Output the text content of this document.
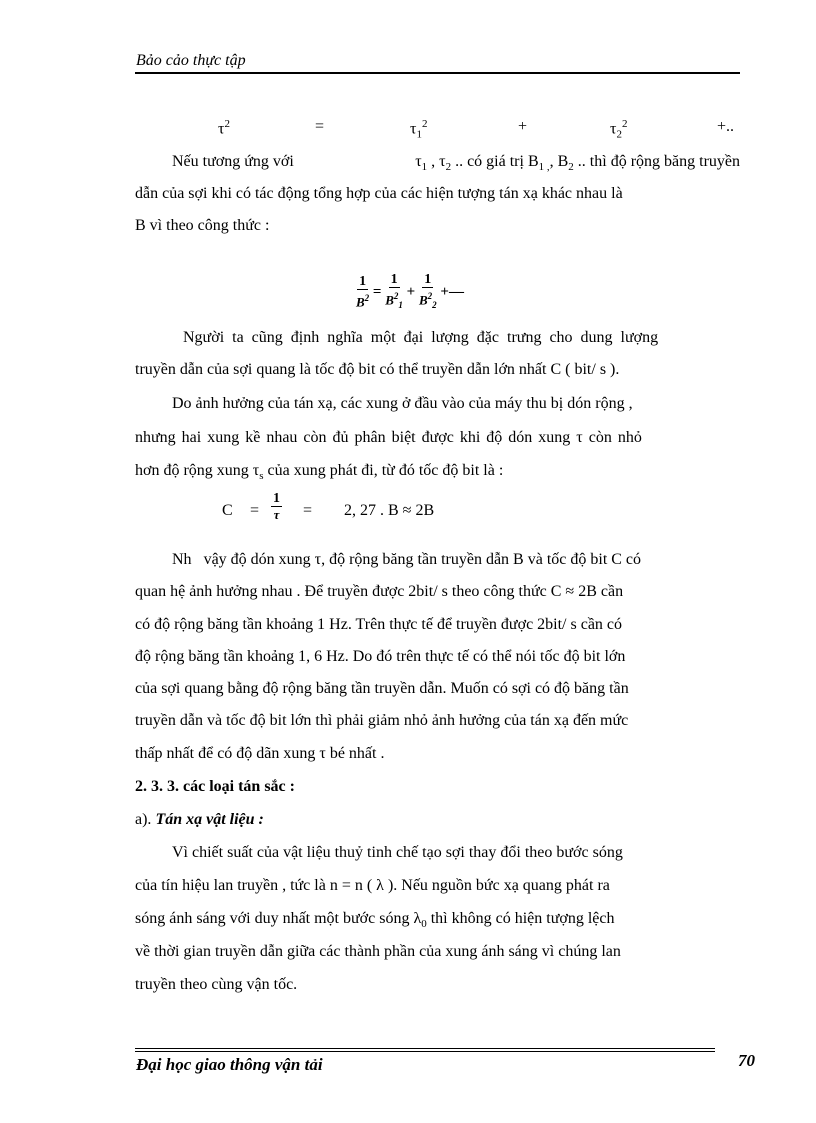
Bảo cảo thực tập
$\tau^2$	=	$\tau_1^2$	+	$\tau_2^2$	+..
Nếu tương ứng với	$\tau_1$ , $\tau_2$ .. có giá trị $B_{1 ,}$, $B_2$ .. thì độ rộng băng truyền
dẫn của sợi khi có tác động tổng hợp của các hiện tượng tán xạ khác nhau là
B vì theo công thức :
$\frac{1}{B^2} = \frac{1}{B^2_1} + \frac{1}{B^2_2}$ +—
Người ta cũng định nghĩa một đại lượng đặc trưng cho dung lượng
truyền dẫn của sợi quang là tốc độ bit có thể truyền dẫn lớn nhất C ( bit/ s ).
Do ảnh hưởng của tán xạ, các xung ở đầu vào của máy thu bị dón rộng ,
nhưng hai xung kề nhau còn đủ phân biệt được khi độ dón xung τ còn nhỏ
hơn độ rộng xung $\tau_s$ của xung phát đi, từ đó tốc độ bit là :
$C = \frac{1}{\tau} = 2$, 27 . B ≈ 2B
Nh vậy độ dón xung τ, độ rộng băng tần truyền dẫn B và tốc độ bit C có
quan hệ ảnh hưởng nhau . Để truyền được 2bit/ s theo công thức C ≈ 2B cần
có độ rộng băng tần khoảng 1 Hz. Trên thực tế để truyền được 2bit/ s cần có
độ rộng băng tần khoảng 1, 6 Hz. Do đó trên thực tế có thể nói tốc độ bit lớn
của sợi quang bằng độ rộng băng tần truyền dẫn. Muốn có sợi có độ băng tần
truyền dẫn và tốc độ bit lớn thì phải giảm nhỏ ảnh hưởng của tán xạ đến mức
thấp nhất để có độ dãn xung τ bé nhất .
2. 3. 3. các loại tán sắc :
a). Tán xạ vật liệu :
Vì chiết suất của vật liệu thuỷ tinh chế tạo sợi thay đổi theo bước sóng
của tín hiệu lan truyền , tức là n = n ( λ ). Nếu nguồn bức xạ quang phát ra
sóng ánh sáng với duy nhất một bước sóng $\lambda_0$ thì không có hiện tượng lệch
về thời gian truyền dẫn giữa các thành phần của xung ánh sáng vì chúng lan
truyền theo cùng vận tốc.
Đại học giao thông vận tải	70
